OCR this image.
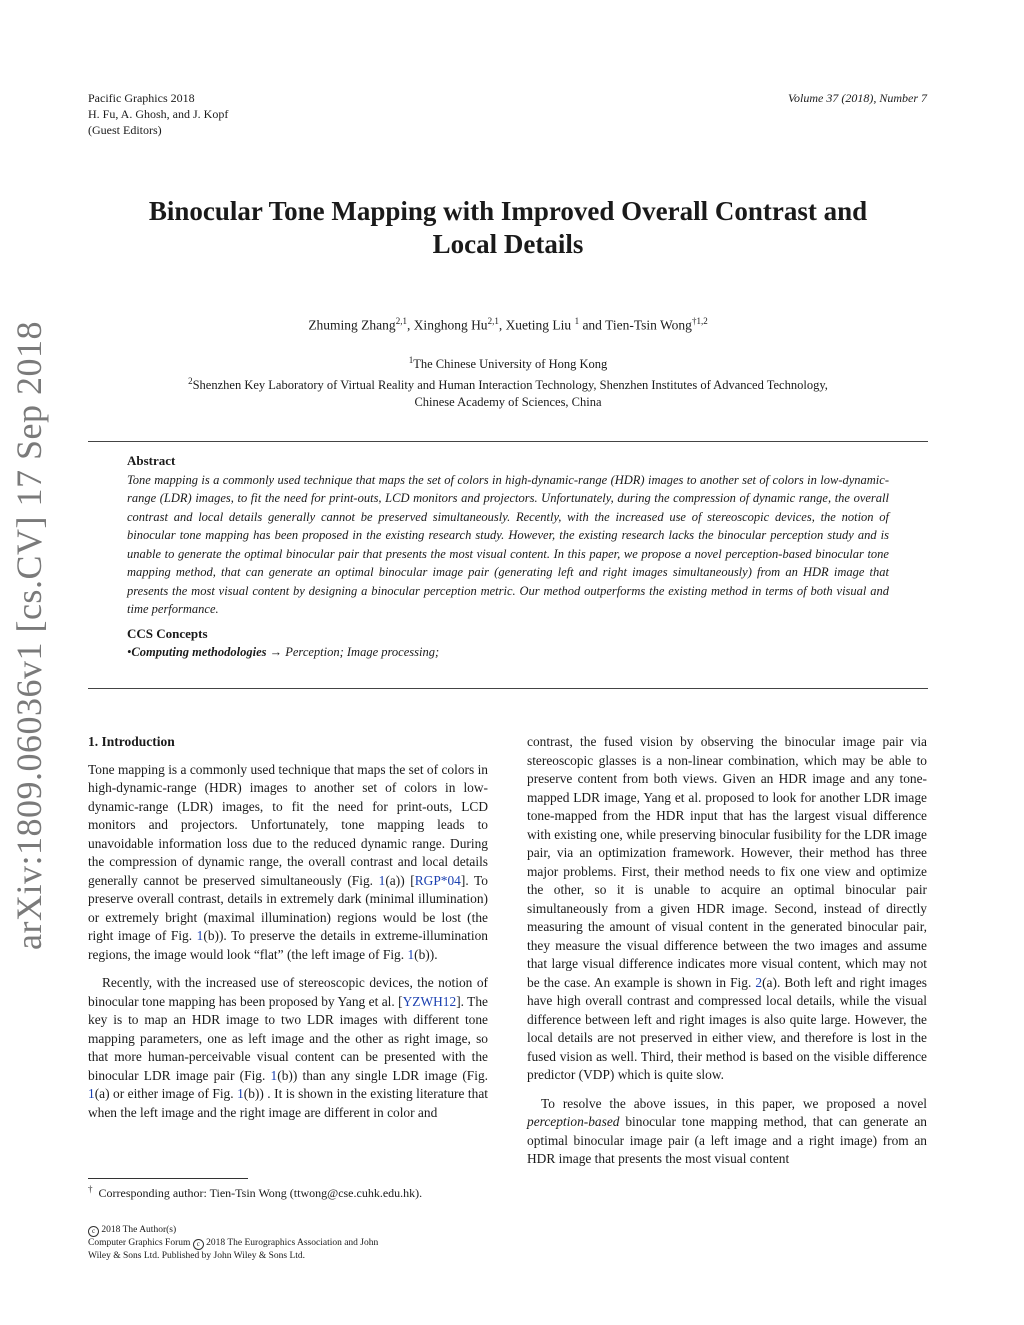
Pacific Graphics 2018
H. Fu, A. Ghosh, and J. Kopf
(Guest Editors)
Volume 37 (2018), Number 7
arXiv:1809.06036v1 [cs.CV] 17 Sep 2018
Binocular Tone Mapping with Improved Overall Contrast and
Local Details
Zhuming Zhang$^{2,1}$, Xinghong Hu$^{2,1}$, Xueting Liu $^1$ and Tien-Tsin Wong$^{\dagger 1,2}$
$^1$The Chinese University of Hong Kong
$^2$Shenzhen Key Laboratory of Virtual Reality and Human Interaction Technology, Shenzhen Institutes of Advanced Technology,
Chinese Academy of Sciences, China
Abstract
Tone mapping is a commonly used technique that maps the set of colors in high-dynamic-range (HDR) images to another set of colors in low-dynamic-range (LDR) images, to fit the need for print-outs, LCD monitors and projectors. Unfortunately, during the compression of dynamic range, the overall contrast and local details generally cannot be preserved simultaneously. Recently, with the increased use of stereoscopic devices, the notion of binocular tone mapping has been proposed in the existing research study. However, the existing research lacks the binocular perception study and is unable to generate the optimal binocular pair that presents the most visual content. In this paper, we propose a novel perception-based binocular tone mapping method, that can generate an optimal binocular image pair (generating left and right images simultaneously) from an HDR image that presents the most visual content by designing a binocular perception metric. Our method outperforms the existing method in terms of both visual and time performance.
CCS Concepts
•Computing methodologies → Perception; Image processing;
1. Introduction
Tone mapping is a commonly used technique that maps the set of colors in high-dynamic-range (HDR) images to another set of colors in low-dynamic-range (LDR) images, to fit the need for print-outs, LCD monitors and projectors. Unfortunately, tone mapping leads to unavoidable information loss due to the reduced dynamic range. During the compression of dynamic range, the overall contrast and local details generally cannot be preserved simultaneously (Fig. 1(a)) [RGP*04]. To preserve overall contrast, details in extremely dark (minimal illumination) or extremely bright (maximal illumination) regions would be lost (the right image of Fig. 1(b)). To preserve the details in extreme-illumination regions, the image would look “flat” (the left image of Fig. 1(b)).
Recently, with the increased use of stereoscopic devices, the notion of binocular tone mapping has been proposed by Yang et al. [YZWH12]. The key is to map an HDR image to two LDR images with different tone mapping parameters, one as left image and the other as right image, so that more human-perceivable visual content can be presented with the binocular LDR image pair (Fig. 1(b)) than any single LDR image (Fig. 1(a) or either image of Fig. 1(b)) . It is shown in the existing literature that when the left image and the right image are different in color and
contrast, the fused vision by observing the binocular image pair via stereoscopic glasses is a non-linear combination, which may be able to preserve content from both views. Given an HDR image and any tone-mapped LDR image, Yang et al. proposed to look for another LDR image tone-mapped from the HDR input that has the largest visual difference with existing one, while preserving binocular fusibility for the LDR image pair, via an optimization framework. However, their method has three major problems. First, their method needs to fix one view and optimize the other, so it is unable to acquire an optimal binocular pair simultaneously from a given HDR image. Second, instead of directly measuring the amount of visual content in the generated binocular pair, they measure the visual difference between the two images and assume that large visual difference indicates more visual content, which may not be the case. An example is shown in Fig. 2(a). Both left and right images have high overall contrast and compressed local details, while the visual difference between left and right images is also quite large. However, the local details are not preserved in either view, and therefore is lost in the fused vision as well. Third, their method is based on the visible difference predictor (VDP) which is quite slow.
To resolve the above issues, in this paper, we proposed a novel perception-based binocular tone mapping method, that can generate an optimal binocular image pair (a left image and a right image) from an HDR image that presents the most visual content
† Corresponding author: Tien-Tsin Wong (ttwong@cse.cuhk.edu.hk).
c 2018 The Author(s)
Computer Graphics Forum c 2018 The Eurographics Association and John
Wiley & Sons Ltd. Published by John Wiley & Sons Ltd.
